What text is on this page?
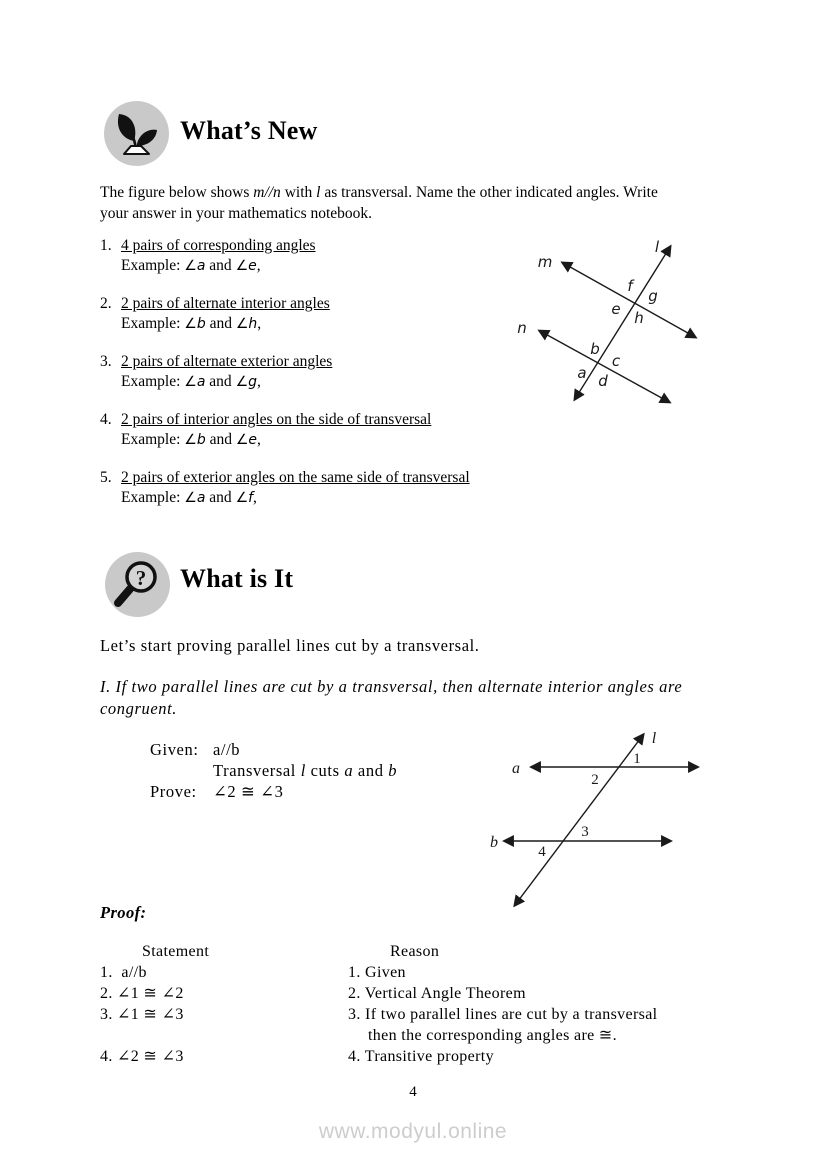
What’s New
The figure below shows m//n with l as transversal. Name the other indicated angles. Write
your answer in your mathematics notebook.
1. 4 pairs of corresponding angles
Example: ∠a and ∠e,
2. 2 pairs of alternate interior angles
Example: ∠b and ∠h,
3. 2 pairs of alternate exterior angles
Example: ∠a and ∠g,
4. 2 pairs of interior angles on the side of transversal
Example: ∠b and ∠e,
5. 2 pairs of exterior angles on the same side of transversal
Example: ∠a and ∠f,
m
n
l
f
g
e h
b
c
a d
? What is It
Let’s start proving parallel lines cut by a transversal.
I. If two parallel lines are cut by a transversal, then alternate interior angles are
congruent.
Given: a//b
Transversal l cuts a and b
Prove: ∠2 ≅ ∠3
a
b
l
1
2
3
4
Proof:
Statement	Reason
1.  a//b	1. Given
2. ∠1 ≅ ∠2	2. Vertical Angle Theorem
3. ∠1 ≅ ∠3	3. If two parallel lines are cut by a transversal
then the corresponding angles are ≅.
4. ∠2 ≅ ∠3	4. Transitive property
4
www.modyul.online
